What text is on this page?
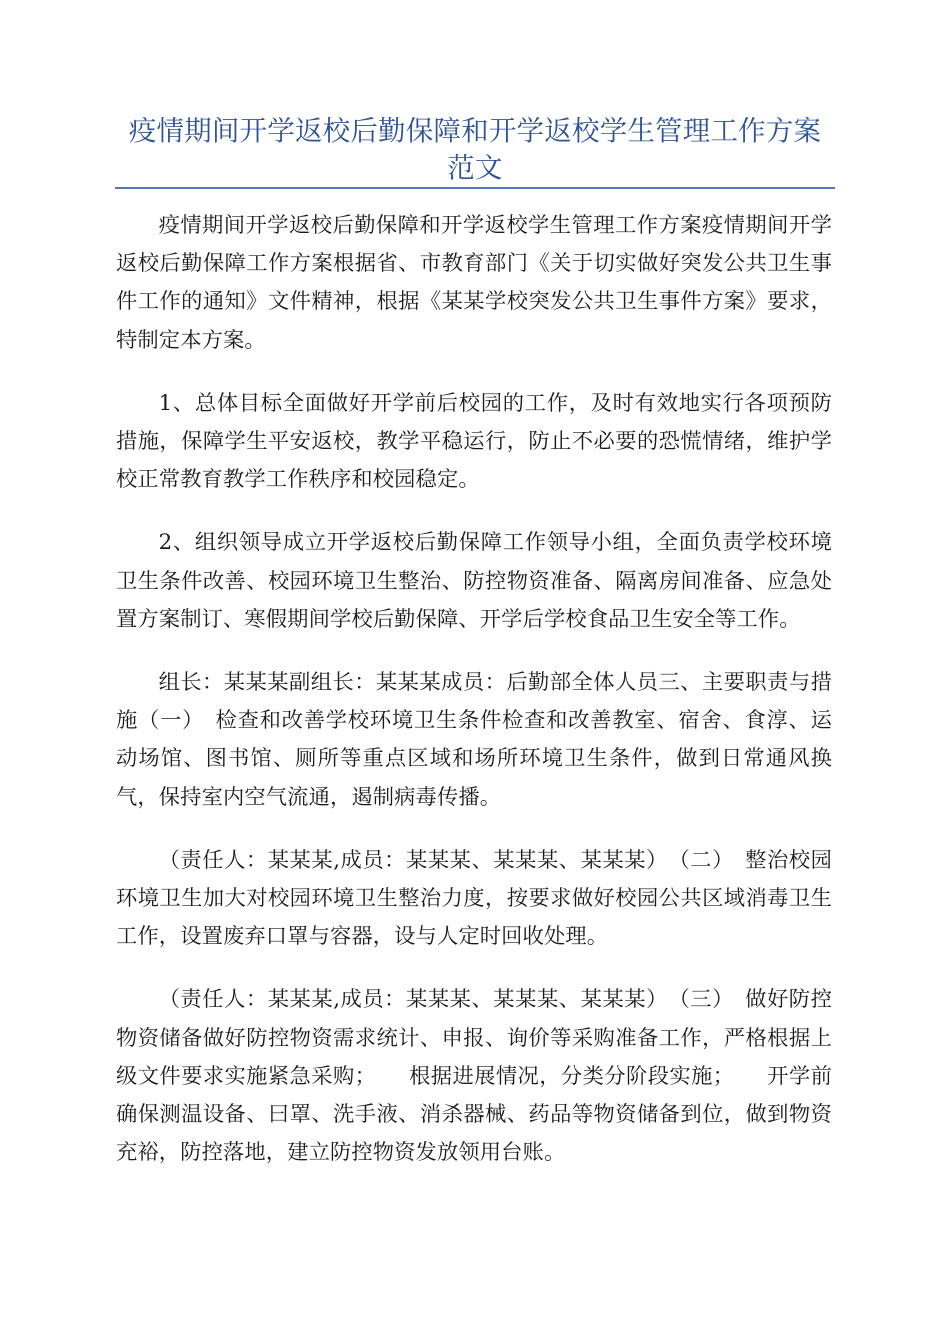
疫情期间开学返校后勤保障和开学返校学生管理工作方案范文

疫情期间开学返校后勤保障和开学返校学生管理工作方案疫情期间开学返校后勤保障工作方案根据省、市教育部门《关于切实做好突发公共卫生事件工作的通知》文件精神，根据《某某学校突发公共卫生事件方案》要求，特制定本方案。

1、总体目标全面做好开学前后校园的工作，及时有效地实行各项预防措施，保障学生平安返校，教学平稳运行，防止不必要的恐慌情绪，维护学校正常教育教学工作秩序和校园稳定。

2、组织领导成立开学返校后勤保障工作领导小组，全面负责学校环境卫生条件改善、校园环境卫生整治、防控物资准备、隔离房间准备、应急处置方案制订、寒假期间学校后勤保障、开学后学校食品卫生安全等工作。

组长：某某某副组长：某某某成员：后勤部全体人员三、主要职责与措施（一）　检查和改善学校环境卫生条件检查和改善教室、宿舍、食淳、运动场馆、图书馆、厕所等重点区域和场所环境卫生条件，做到日常通风换气，保持室内空气流通，遏制病毒传播。

（责任人：某某某,成员：某某某、某某某、某某某）　（二）　整治校园环境卫生加大对校园环境卫生整治力度，按要求做好校园公共区域消毒卫生工作，设置废弃口罩与容器，设与人定时回收处理。

（责任人：某某某,成员：某某某、某某某、某某某）　（三）　做好防控物资储备做好防控物资需求统计、申报、询价等采购准备工作，严格根据上级文件要求实施紧急采购；　　根据进展情况，分类分阶段实施；　　开学前确保测温设备、曰罩、洗手液、消杀器械、药品等物资储备到位，做到物资充裕，防控落地，建立防控物资发放领用台账。
